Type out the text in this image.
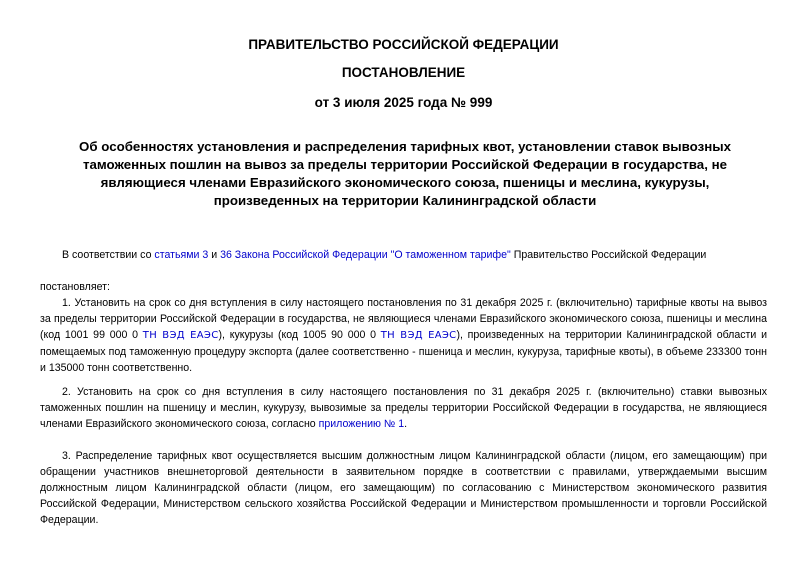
ПРАВИТЕЛЬСТВО РОССИЙСКОЙ ФЕДЕРАЦИИ
ПОСТАНОВЛЕНИЕ
от 3 июля 2025 года № 999
Об особенностях установления и распределения тарифных квот, установлении ставок вывозных таможенных пошлин на вывоз за пределы территории Российской Федерации в государства, не являющиеся членами Евразийского экономического союза, пшеницы и меслина, кукурузы, произведенных на территории Калининградской области
В соответствии со статьями 3 и 36 Закона Российской Федерации "О таможенном тарифе" Правительство Российской Федерации
постановляет:
1. Установить на срок со дня вступления в силу настоящего постановления по 31 декабря 2025 г. (включительно) тарифные квоты на вывоз за пределы территории Российской Федерации в государства, не являющиеся членами Евразийского экономического союза, пшеницы и меслина (код 1001 99 000 0 ТН ВЭД ЕАЭС), кукурузы (код 1005 90 000 0 ТН ВЭД ЕАЭС), произведенных на территории Калининградской области и помещаемых под таможенную процедуру экспорта (далее соответственно - пшеница и меслин, кукуруза, тарифные квоты), в объеме 233300 тонн и 135000 тонн соответственно.
2. Установить на срок со дня вступления в силу настоящего постановления по 31 декабря 2025 г. (включительно) ставки вывозных таможенных пошлин на пшеницу и меслин, кукурузу, вывозимые за пределы территории Российской Федерации в государства, не являющиеся членами Евразийского экономического союза, согласно приложению № 1.
3. Распределение тарифных квот осуществляется высшим должностным лицом Калининградской области (лицом, его замещающим) при обращении участников внешнеторговой деятельности в заявительном порядке в соответствии с правилами, утверждаемыми высшим должностным лицом Калининградской области (лицом, его замещающим) по согласованию с Министерством экономического развития Российской Федерации, Министерством сельского хозяйства Российской Федерации и Министерством промышленности и торговли Российской Федерации.
